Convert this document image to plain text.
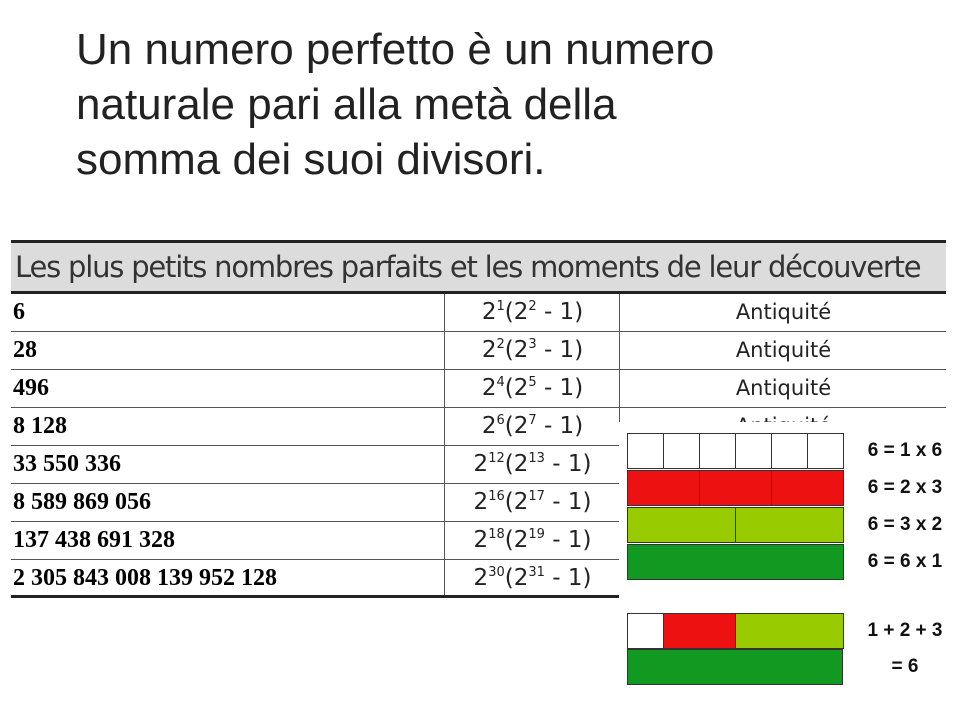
Un numero perfetto è un numero
naturale pari alla metà della
somma dei suoi divisori.
Les plus petits nombres parfaits et les moments de leur découverte
6	$2^1(2^2 - 1)$	Antiquité
28	$2^2(2^3 - 1)$	Antiquité
496	$2^4(2^5 - 1)$	Antiquité
8 128	$2^6(2^7 - 1)$
33 550 336	$2^{12}(2^{13} - 1)$
8 589 869 056	$2^{16}(2^{17} - 1)$
137 438 691 328	$2^{18}(2^{19} - 1)$
2 305 843 008 139 952 128	$2^{30}(2^{31} - 1)$
6 = 1 x 6
6 = 2 x 3
6 = 3 x 2
6 = 6 x 1
1 + 2 + 3
= 6
